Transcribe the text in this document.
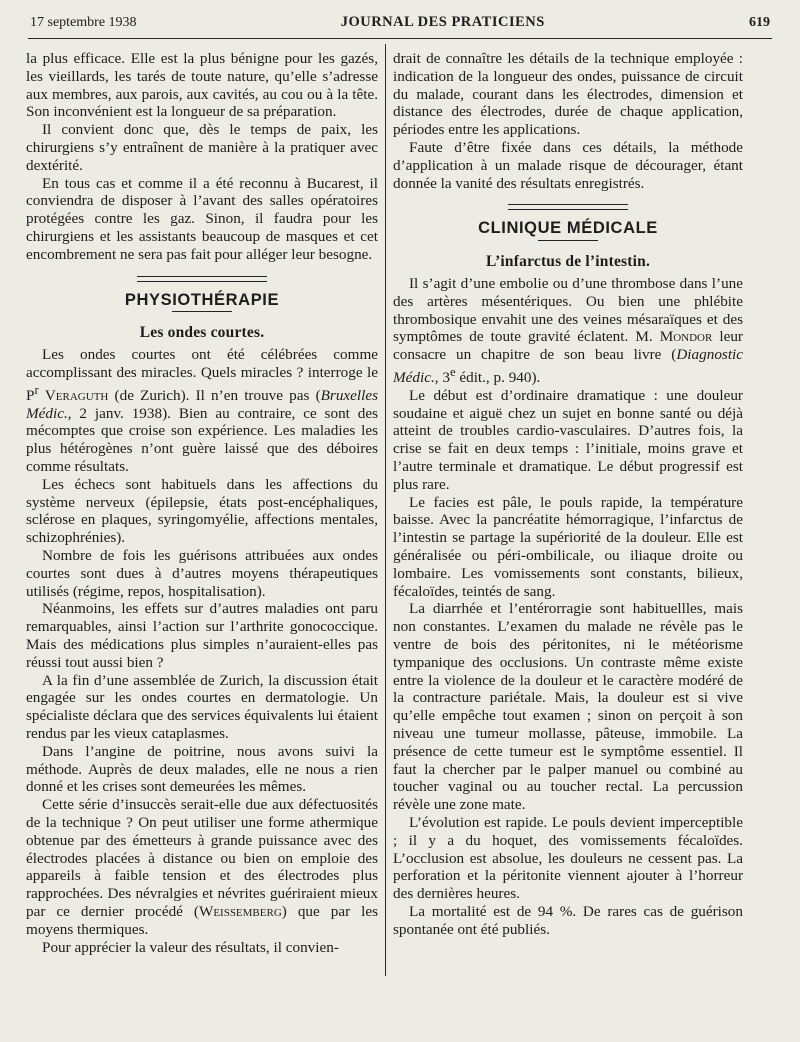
17 septembre 1938	JOURNAL DES PRATICIENS	619

la plus efficace. Elle est la plus bénigne pour les gazés, les vieillards, les tarés de toute nature, qu’elle s’adresse aux membres, aux parois, aux cavités, au cou ou à la tête. Son inconvénient est la longueur de sa préparation.

Il convient donc que, dès le temps de paix, les chirurgiens s’y entraînent de manière à la pratiquer avec dextérité.

En tous cas et comme il a été reconnu à Bucarest, il conviendra de disposer à l’avant des salles opératoires protégées contre les gaz. Sinon, il faudra pour les chirurgiens et les assistants beaucoup de masques et cet encombrement ne sera pas fait pour alléger leur besogne.

PHYSIOTHÉRAPIE
Les ondes courtes.

Les ondes courtes ont été célébrées comme accomplissant des miracles. Quels miracles ? interroge le $P^r$ Veraguth (de Zurich). Il n’en trouve pas (Bruxelles Médic., 2 janv. 1938). Bien au contraire, ce sont des mécomptes que croise son expérience. Les maladies les plus hétérogènes n’ont guère laissé que des déboires comme résultats.

Les échecs sont habituels dans les affections du système nerveux (épilepsie, états post-encéphaliques, sclérose en plaques, syringomyélie, affections mentales, schizophrénies).

Nombre de fois les guérisons attribuées aux ondes courtes sont dues à d’autres moyens thérapeutiques utilisés (régime, repos, hospitalisation).

Néanmoins, les effets sur d’autres maladies ont paru remarquables, ainsi l’action sur l’arthrite gonococcique. Mais des médications plus simples n’auraient-elles pas réussi tout aussi bien ?

A la fin d’une assemblée de Zurich, la discussion était engagée sur les ondes courtes en dermatologie. Un spécialiste déclara que des services équivalents lui étaient rendus par les vieux cataplasmes.

Dans l’angine de poitrine, nous avons suivi la méthode. Auprès de deux malades, elle ne nous a rien donné et les crises sont demeurées les mêmes.

Cette série d’insuccès serait-elle due aux défectuosités de la technique ? On peut utiliser une forme athermique obtenue par des émetteurs à grande puissance avec des électrodes placées à distance ou bien on emploie des appareils à faible tension et des électrodes plus rapprochées. Des névralgies et névrites guériraient mieux par ce dernier procédé (Weissemberg) que par les moyens thermiques.

Pour apprécier la valeur des résultats, il convien-

drait de connaître les détails de la technique employée : indication de la longueur des ondes, puissance de circuit du malade, courant dans les électrodes, dimension et distance des électrodes, durée de chaque application, périodes entre les applications.

Faute d’être fixée dans ces détails, la méthode d’application à un malade risque de décourager, étant donnée la vanité des résultats enregistrés.

CLINIQUE MÉDICALE
L’infarctus de l’intestin.

Il s’agit d’une embolie ou d’une thrombose dans l’une des artères mésentériques. Ou bien une phlébite thrombosique envahit une des veines mésaraïques et des symptômes de toute gravité éclatent. M. Mondor leur consacre un chapitre de son beau livre (Diagnostic Médic., 3e édit., p. 940).

Le début est d’ordinaire dramatique : une douleur soudaine et aiguë chez un sujet en bonne santé ou déjà atteint de troubles cardio-vasculaires. D’autres fois, la crise se fait en deux temps : l’initiale, moins grave et l’autre terminale et dramatique. Le début progressif est plus rare.

Le facies est pâle, le pouls rapide, la température baisse. Avec la pancréatite hémorragique, l’infarctus de l’intestin se partage la supériorité de la douleur. Elle est généralisée ou péri-ombilicale, ou iliaque droite ou lombaire. Les vomissements sont constants, bilieux, fécaloïdes, teintés de sang.

La diarrhée et l’entérorragie sont habituellles, mais non constantes. L’examen du malade ne révèle pas le ventre de bois des péritonites, ni le météorisme tympanique des occlusions. Un contraste même existe entre la violence de la douleur et le caractère modéré de la contracture pariétale. Mais, la douleur est si vive qu’elle empêche tout examen ; sinon on perçoit à son niveau une tumeur mollasse, pâteuse, immobile. La présence de cette tumeur est le symptôme essentiel. Il faut la chercher par le palper manuel ou combiné au toucher vaginal ou au toucher rectal. La percussion révèle une zone mate.

L’évolution est rapide. Le pouls devient imperceptible ; il y a du hoquet, des vomissements fécaloïdes. L’occlusion est absolue, les douleurs ne cessent pas. La perforation et la péritonite viennent ajouter à l’horreur des dernières heures.

La mortalité est de 94 %. De rares cas de guérison spontanée ont été publiés.
